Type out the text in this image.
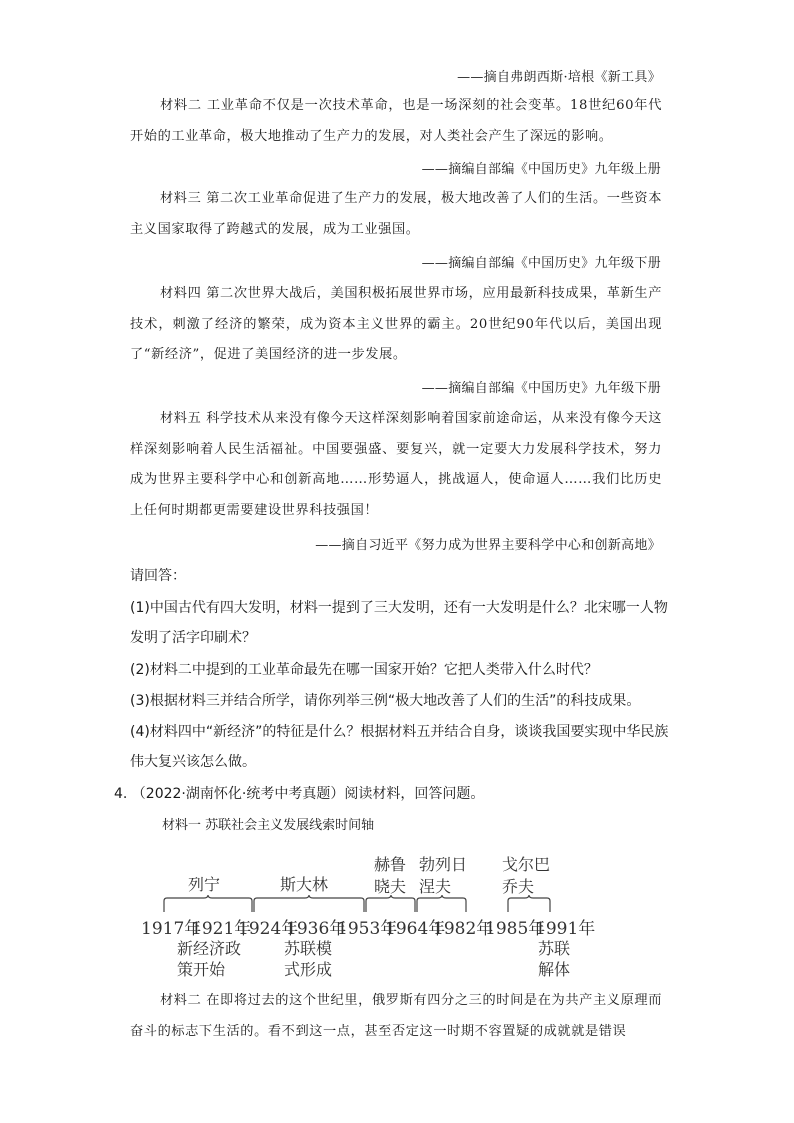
——摘自弗朗西斯·培根《新工具》

材料二 工业革命不仅是一次技术革命，也是一场深刻的社会变革。18世纪60年代开始的工业革命，极大地推动了生产力的发展，对人类社会产生了深远的影响。

——摘编自部编《中国历史》九年级上册

材料三 第二次工业革命促进了生产力的发展，极大地改善了人们的生活。一些资本主义国家取得了跨越式的发展，成为工业强国。

——摘编自部编《中国历史》九年级下册

材料四 第二次世界大战后，美国积极拓展世界市场，应用最新科技成果，革新生产技术，刺激了经济的繁荣，成为资本主义世界的霸主。20世纪90年代以后，美国出现了“新经济”，促进了美国经济的进一步发展。

——摘编自部编《中国历史》九年级下册

材料五 科学技术从来没有像今天这样深刻影响着国家前途命运，从来没有像今天这样深刻影响着人民生活福祉。中国要强盛、要复兴，就一定要大力发展科学技术，努力成为世界主要科学中心和创新高地……形势逼人，挑战逼人，使命逼人……我们比历史上任何时期都更需要建设世界科技强国！

——摘自习近平《努力成为世界主要科学中心和创新高地》

请回答：

(1)中国古代有四大发明，材料一提到了三大发明，还有一大发明是什么？北宋哪一人物发明了活字印刷术？

(2)材料二中提到的工业革命最先在哪一国家开始？它把人类带入什么时代？

(3)根据材料三并结合所学，请你列举三例“极大地改善了人们的生活”的科技成果。

(4)材料四中“新经济”的特征是什么？根据材料五并结合自身，谈谈我国要实现中华民族伟大复兴该怎么做。

4. （2022·湖南怀化·统考中考真题）阅读材料，回答问题。

材料一 苏联社会主义发展线索时间轴

列宁	斯大林
赫鲁
晓夫
勃列日
涅夫
戈尔巴
乔夫
1917年
1921年
1924年
1936年
1953年
1964年
1982年
1985年
1991年
新经济政
策开始
苏联模
式形成
苏联
解体

材料二 在即将过去的这个世纪里，俄罗斯有四分之三的时间是在为共产主义原理而奋斗的标志下生活的。看不到这一点，甚至否定这一时期不容置疑的成就就是错误
